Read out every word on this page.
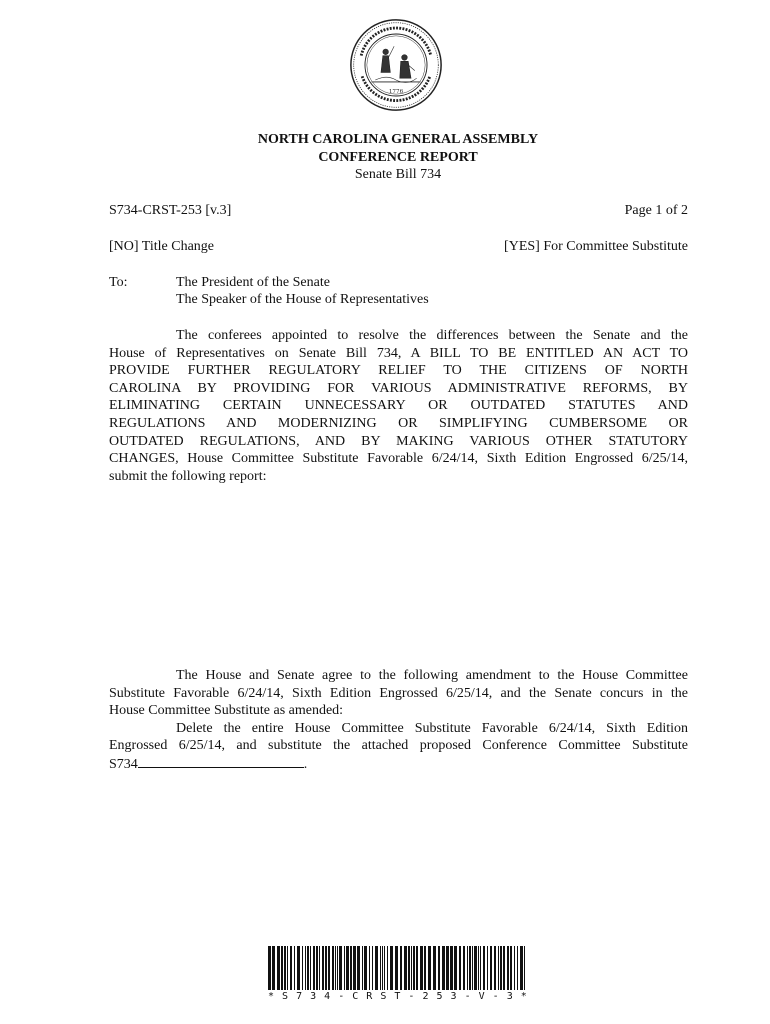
1776
NORTH CAROLINA GENERAL ASSEMBLY
CONFERENCE REPORT
Senate Bill 734
S734-CRST-253 [v.3]	Page 1 of 2
[NO] Title Change	[YES] For Committee Substitute
To:	The President of the Senate
The Speaker of the House of Representatives
The conferees appointed to resolve the differences between the Senate and the
House of Representatives on Senate Bill 734, A BILL TO BE ENTITLED AN ACT TO
PROVIDE FURTHER REGULATORY RELIEF TO THE CITIZENS OF NORTH
CAROLINA BY PROVIDING FOR VARIOUS ADMINISTRATIVE REFORMS, BY
ELIMINATING CERTAIN UNNECESSARY OR OUTDATED STATUTES AND
REGULATIONS AND MODERNIZING OR SIMPLIFYING CUMBERSOME OR
OUTDATED REGULATIONS, AND BY MAKING VARIOUS OTHER STATUTORY
CHANGES, House Committee Substitute Favorable 6/24/14, Sixth Edition Engrossed 6/25/14,
submit the following report:
The House and Senate agree to the following amendment to the House Committee
Substitute Favorable 6/24/14, Sixth Edition Engrossed 6/25/14, and the Senate concurs in the
House Committee Substitute as amended:
Delete the entire House Committee Substitute Favorable 6/24/14, Sixth Edition
Engrossed 6/25/14, and substitute the attached proposed Conference Committee Substitute
S734	.
* S 7 3 4 - C R S T - 2 5 3 - V - 3 *
